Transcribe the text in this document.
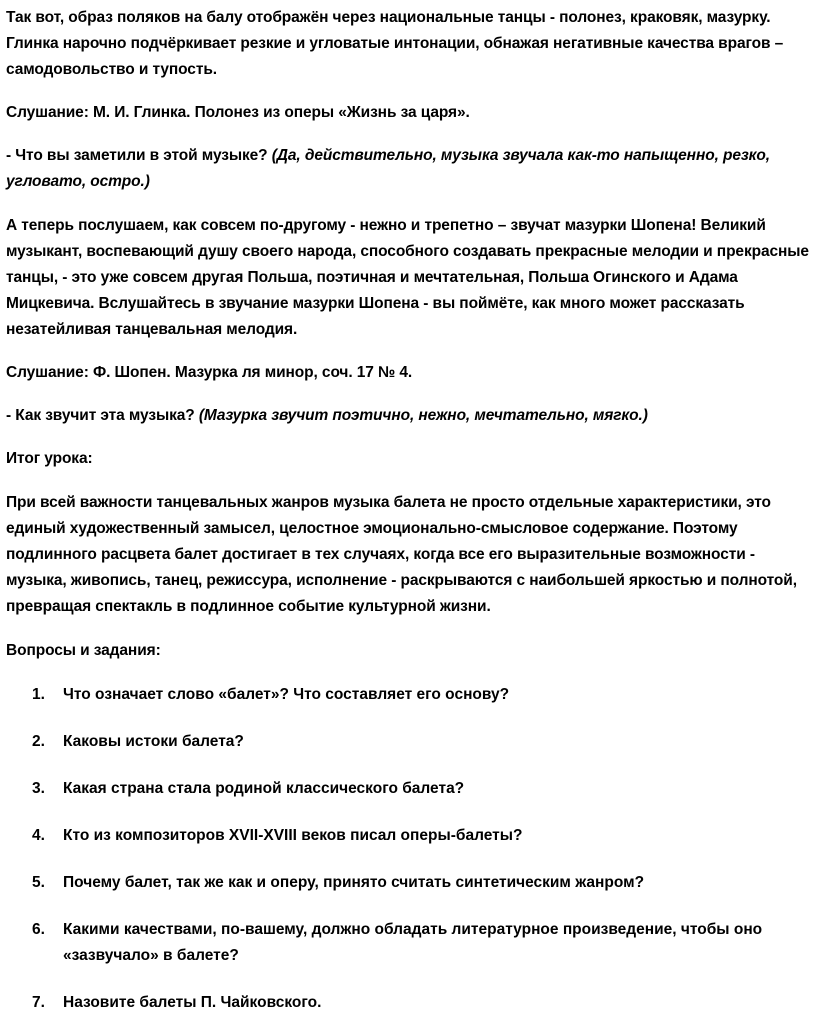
Так вот, образ поляков на балу отображён через национальные танцы - полонез, краковяк, мазурку. Глинка нарочно подчёркивает резкие и угловатые интонации, обнажая негативные качества врагов – самодовольство и тупость.

Слушание: М. И. Глинка. Полонез из оперы «Жизнь за царя».

- Что вы заметили в этой музыке? (Да, действительно, музыка звучала как-то напыщенно, резко, угловато, остро.)

А теперь послушаем, как совсем по-другому - нежно и трепетно – звучат мазурки Шопена! Великий музыкант, воспевающий душу своего народа, способного создавать прекрасные мелодии и прекрасные танцы, - это уже совсем другая Польша, поэтичная и мечтательная, Польша Огинского и Адама Мицкевича. Вслушайтесь в звучание мазурки Шопена - вы поймёте, как много может рассказать незатейливая танцевальная мелодия.

Слушание: Ф. Шопен. Мазурка ля минор, соч. 17 № 4.

- Как звучит эта музыка? (Мазурка звучит поэтично, нежно, мечтательно, мягко.)

Итог урока:

При всей важности танцевальных жанров музыка балета не просто отдельные характеристики, это единый художественный замысел, целостное эмоционально-смысловое содержание. Поэтому подлинного расцвета балет достигает в тех случаях, когда все его выразительные возможности - музыка, живопись, танец, режиссура, исполнение - раскрываются с наибольшей яркостью и полнотой, превращая спектакль в подлинное событие культурной жизни.

Вопросы и задания:

1. Что означает слово «балет»? Что составляет его основу?
2. Каковы истоки балета?
3. Какая страна стала родиной классического балета?
4. Кто из композиторов XVII-XVIII веков писал оперы-балеты?
5. Почему балет, так же как и оперу, принято считать синтетическим жанром?
6. Какими качествами, по-вашему, должно обладать литературное произведение, чтобы оно «зазвучало» в балете?
7. Назовите балеты П. Чайковского.
